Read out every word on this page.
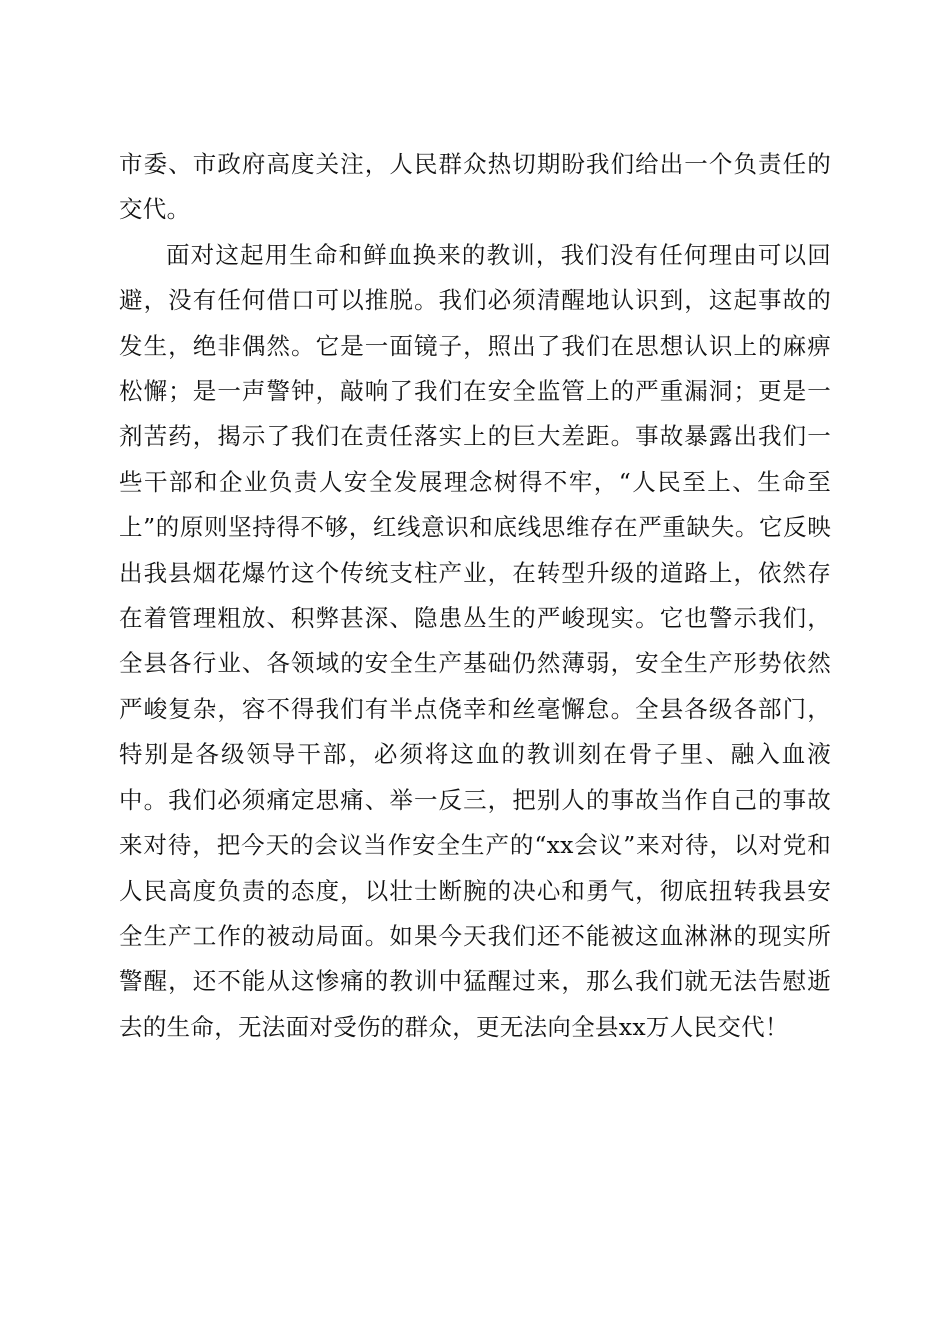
市委、市政府高度关注，人民群众热切期盼我们给出一个负责任的交代。

面对这起用生命和鲜血换来的教训，我们没有任何理由可以回避，没有任何借口可以推脱。我们必须清醒地认识到，这起事故的发生，绝非偶然。它是一面镜子，照出了我们在思想认识上的麻痹松懈；是一声警钟，敲响了我们在安全监管上的严重漏洞；更是一剂苦药，揭示了我们在责任落实上的巨大差距。事故暴露出我们一些干部和企业负责人安全发展理念树得不牢，“人民至上、生命至上”的原则坚持得不够，红线意识和底线思维存在严重缺失。它反映出我县烟花爆竹这个传统支柱产业，在转型升级的道路上，依然存在着管理粗放、积弊甚深、隐患丛生的严峻现实。它也警示我们，全县各行业、各领域的安全生产基础仍然薄弱，安全生产形势依然严峻复杂，容不得我们有半点侥幸和丝毫懈怠。全县各级各部门，特别是各级领导干部，必须将这血的教训刻在骨子里、融入血液中。我们必须痛定思痛、举一反三，把别人的事故当作自己的事故来对待，把今天的会议当作安全生产的“xx会议”来对待，以对党和人民高度负责的态度，以壮士断腕的决心和勇气，彻底扭转我县安全生产工作的被动局面。如果今天我们还不能被这血淋淋的现实所警醒，还不能从这惨痛的教训中猛醒过来，那么我们就无法告慰逝去的生命，无法面对受伤的群众，更无法向全县xx万人民交代！
